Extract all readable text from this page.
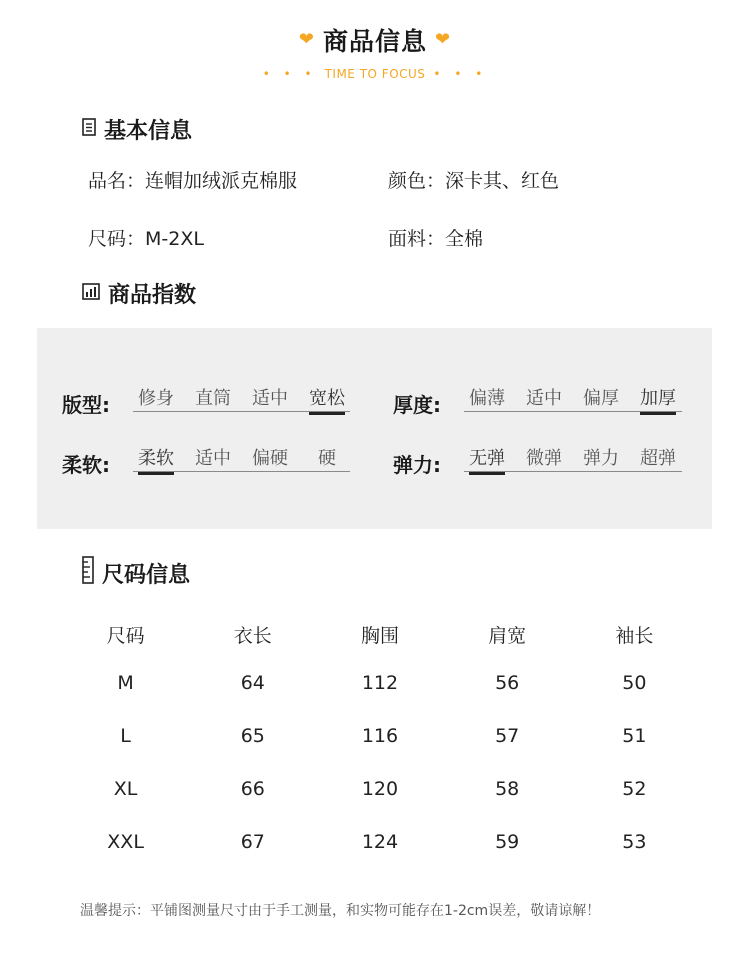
❤ 商品信息 ❤
• • • TIME TO FOCUS • • •
基本信息
品名：连帽加绒派克棉服	颜色：深卡其、红色
尺码：M-2XL	面料：全棉
商品指数
版型: 修身 直筒 适中 宽松 厚度: 偏薄 适中 偏厚 加厚
柔软: 柔软 适中 偏硬 硬	弹力: 无弹 微弹 弹力 超弹
尺码信息
尺码	衣长	胸围	肩宽	袖长
M	64	112	56	50
L	65	116	57	51
XL	66	120	58	52
XXL	67	124	59	53
温馨提示：平铺图测量尺寸由于手工测量，和实物可能存在1-2cm误差，敬请谅解！
